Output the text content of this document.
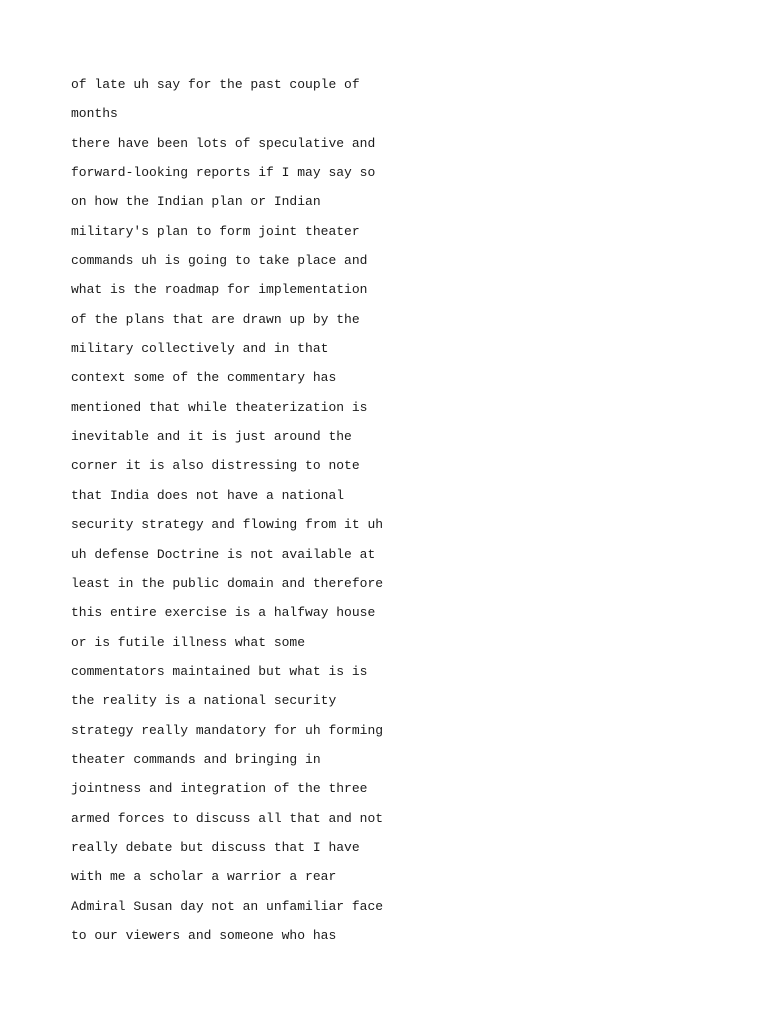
of late uh say for the past couple of
months
there have been lots of speculative and
forward-looking reports if I may say so
on how the Indian plan or Indian
military's plan to form joint theater
commands uh is going to take place and
what is the roadmap for implementation
of the plans that are drawn up by the
military collectively and in that
context some of the commentary has
mentioned that while theaterization is
inevitable and it is just around the
corner it is also distressing to note
that India does not have a national
security strategy and flowing from it uh
uh defense Doctrine is not available at
least in the public domain and therefore
this entire exercise is a halfway house
or is futile illness what some
commentators maintained but what is is
the reality is a national security
strategy really mandatory for uh forming
theater commands and bringing in
jointness and integration of the three
armed forces to discuss all that and not
really debate but discuss that I have
with me a scholar a warrior a rear
Admiral Susan day not an unfamiliar face
to our viewers and someone who has
